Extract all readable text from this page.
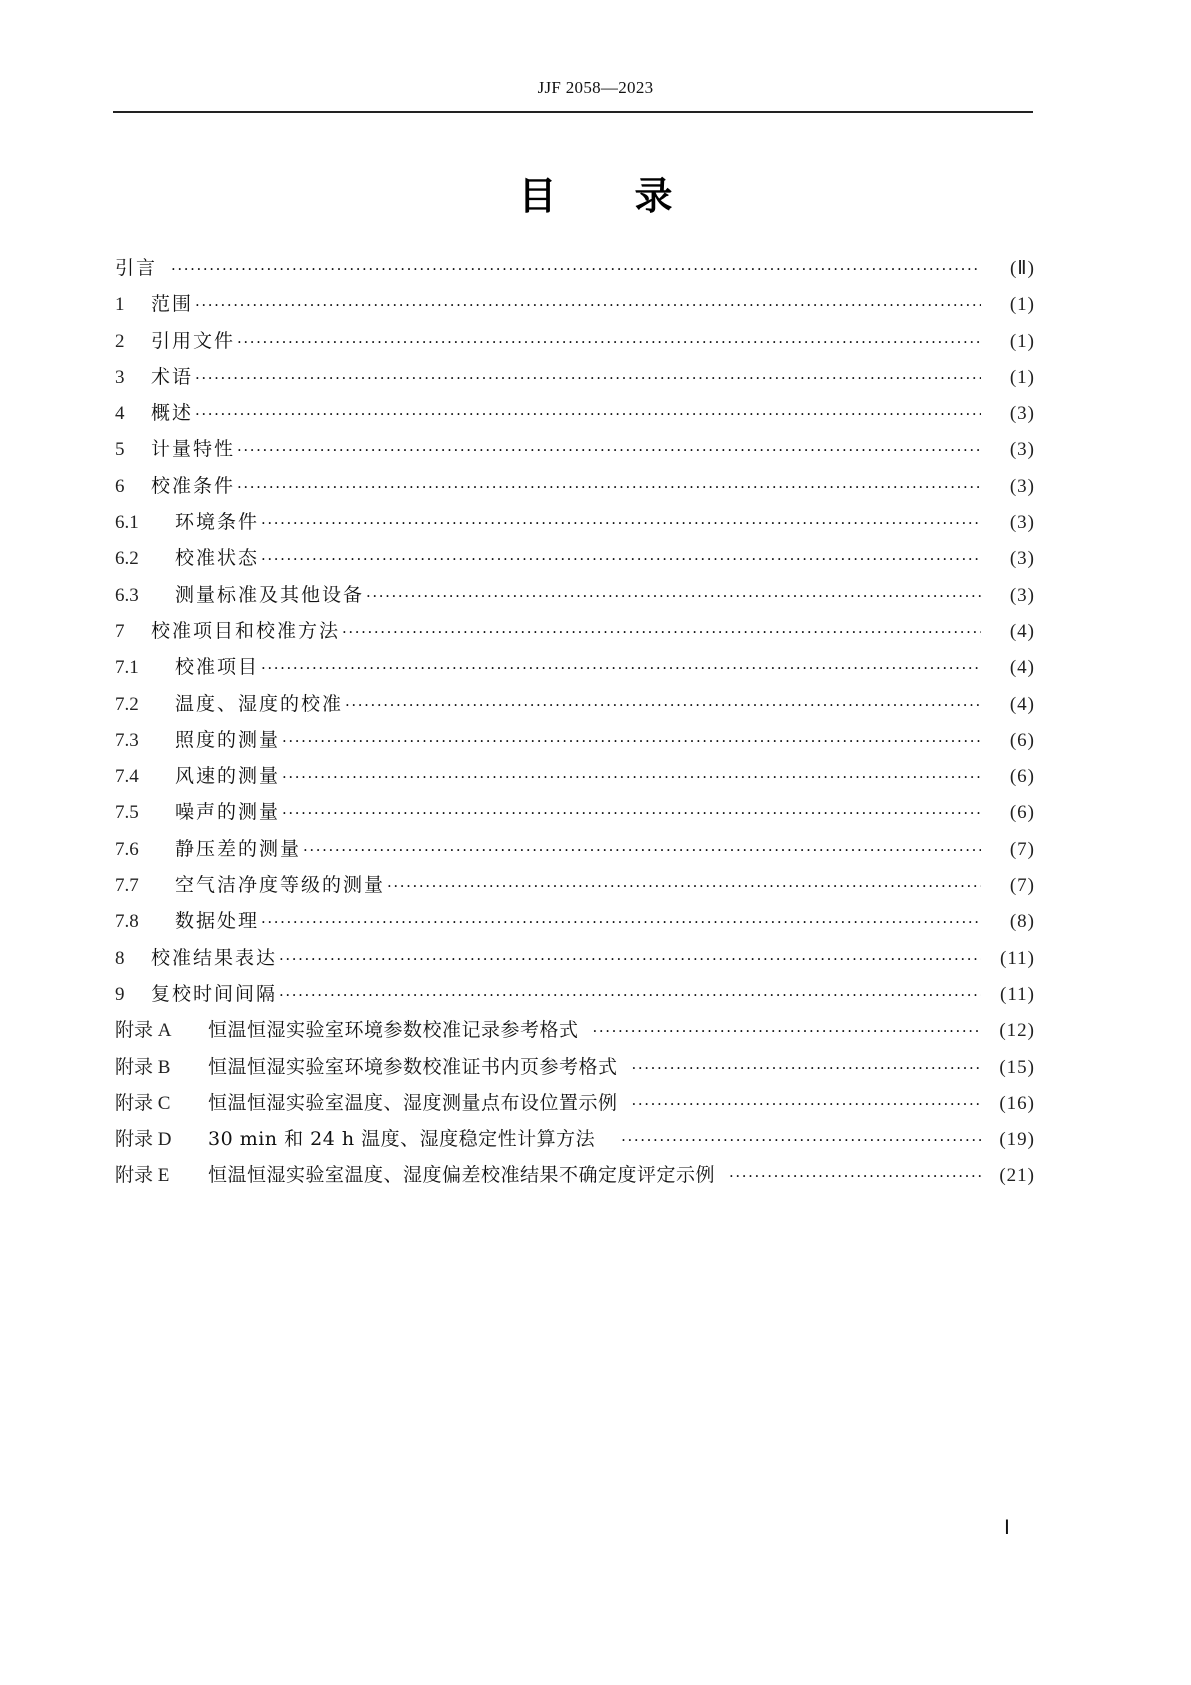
JJF 2058—2023
目 录
引言 ·····	(Ⅱ)
1	范围 ·····	(1)
2	引用文件 ·····	(1)
3	术语 ·····	(1)
4	概述 ·····	(3)
5	计量特性 ·····	(3)
6	校准条件 ·····	(3)
6.1	环境条件 ·····	(3)
6.2	校准状态 ·····	(3)
6.3	测量标准及其他设备 ·····	(3)
7	校准项目和校准方法 ·····	(4)
7.1	校准项目 ·····	(4)
7.2	温度、湿度的校准 ·····	(4)
7.3	照度的测量 ·····	(6)
7.4	风速的测量 ·····	(6)
7.5	噪声的测量 ·····	(6)
7.6	静压差的测量 ·····	(7)
7.7	空气洁净度等级的测量 ·····	(7)
7.8	数据处理 ·····	(8)
8	校准结果表达 ·····	(11)
9	复校时间间隔 ·····	(11)
附录 A	恒温恒湿实验室环境参数校准记录参考格式 ·····	(12)
附录 B	恒温恒湿实验室环境参数校准证书内页参考格式 ·····	(15)
附录 C	恒温恒湿实验室温度、湿度测量点布设位置示例 ·····	(16)
附录 D	30 min 和 24 h 温度、湿度稳定性计算方法 ·····	(19)
附录 E	恒温恒湿实验室温度、湿度偏差校准结果不确定度评定示例 ·····	(21)
Ⅰ
